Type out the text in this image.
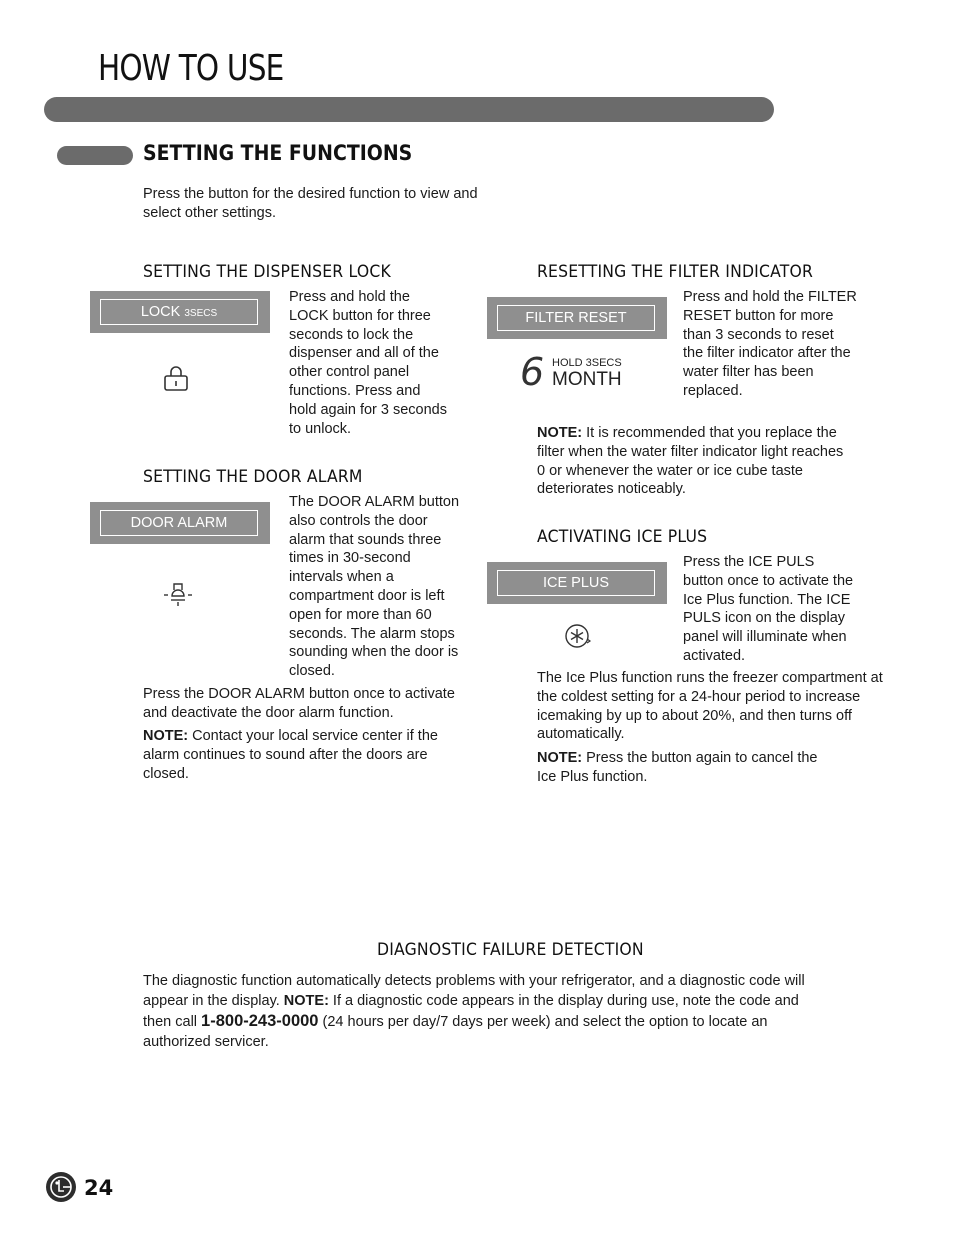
HOW TO USE
SETTING THE FUNCTIONS
Press the button for the desired function to view and
select other settings.
SETTING THE DISPENSER LOCK
LOCK 3SECS
Press and hold the
LOCK button for three
seconds to lock the
dispenser and all of the
other control panel
functions. Press and
hold again for 3 seconds
to unlock.
SETTING THE DOOR ALARM
DOOR ALARM
The DOOR ALARM button
also controls the door
alarm that sounds three
times in 30-second
intervals when a
compartment door is left
open for more than 60
seconds. The alarm stops
sounding when the door is
closed.
Press the DOOR ALARM button once to activate
and deactivate the door alarm function.
NOTE: Contact your local service center if the
alarm continues to sound after the doors are
closed.
RESETTING THE FILTER INDICATOR
FILTER RESET
6 HOLD 3SECS
MONTH
Press and hold the FILTER
RESET button for more
than 3 seconds to reset
the filter indicator after the
water filter has been
replaced.
NOTE: It is recommended that you replace the
filter when the water filter indicator light reaches
0 or whenever the water or ice cube taste
deteriorates noticeably.
ACTIVATING ICE PLUS
ICE PLUS
Press the ICE PULS
button once to activate the
Ice Plus function. The ICE
PULS icon on the display
panel will illuminate when
activated.
The Ice Plus function runs the freezer compartment at
the coldest setting for a 24-hour period to increase
icemaking by up to about 20%, and then turns off
automatically.
NOTE: Press the button again to cancel the
Ice Plus function.
DIAGNOSTIC FAILURE DETECTION
The diagnostic function automatically detects problems with your refrigerator, and a diagnostic code will
appear in the display. NOTE: If a diagnostic code appears in the display during use, note the code and
then call 1-800-243-0000 (24 hours per day/7 days per week) and select the option to locate an
authorized servicer.
24
